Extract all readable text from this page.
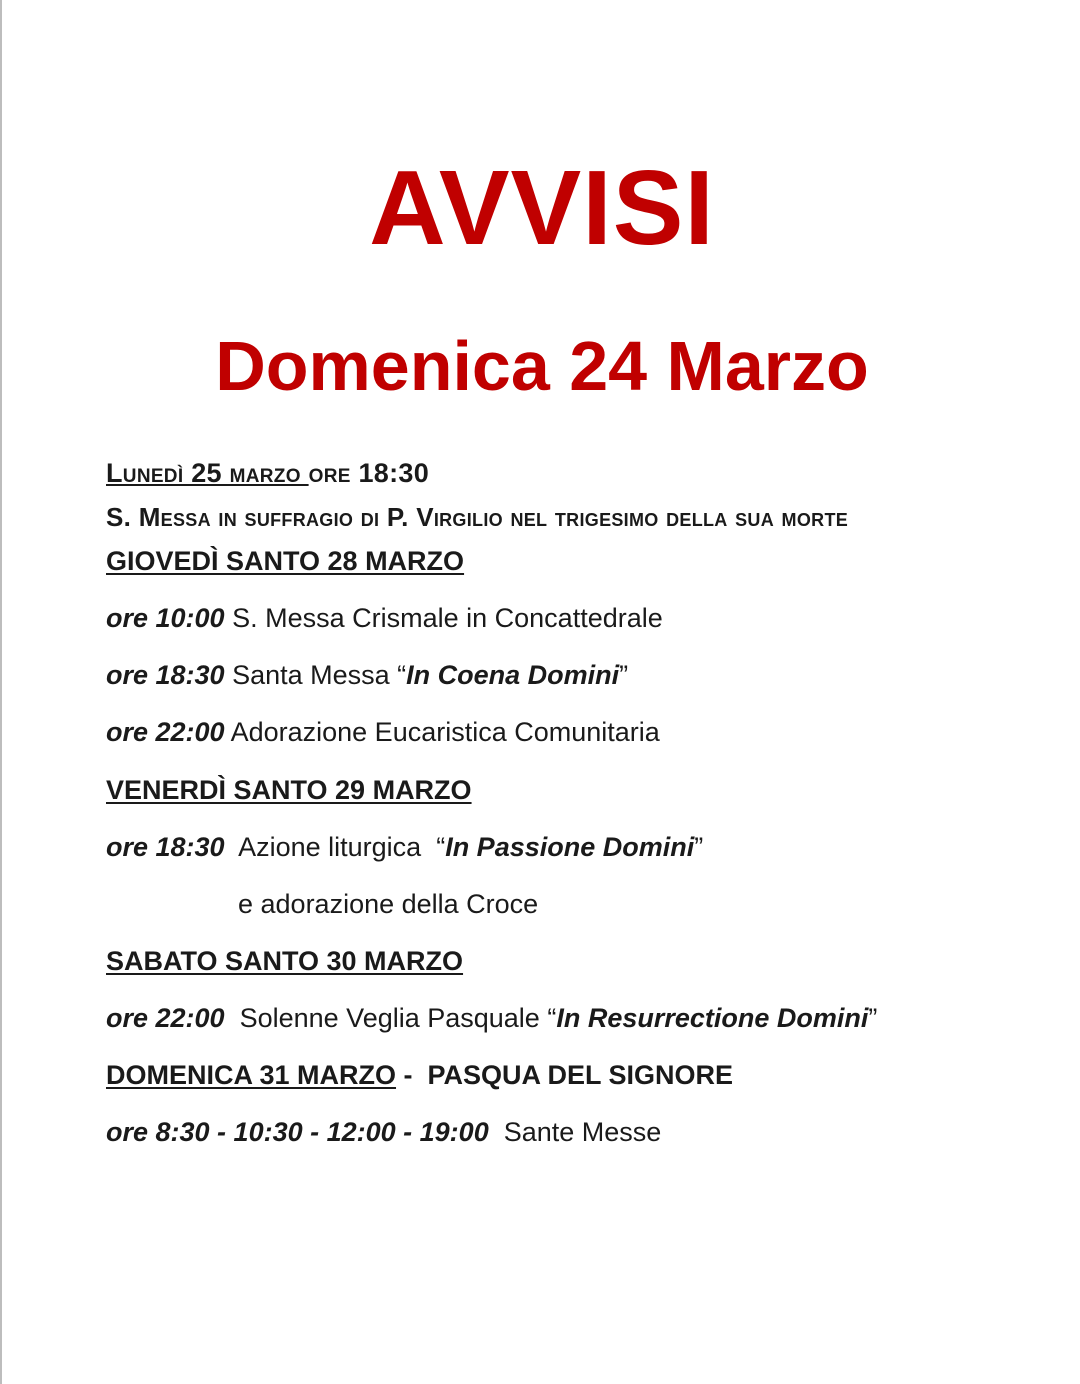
AVVISI
Domenica 24 Marzo
Lunedì 25 marzo ore 18:30
S. Messa in suffragio di P. Virgilio nel trigesimo della sua morte
GIOVEDÌ SANTO 28 MARZO
ore 10:00 S. Messa Crismale in Concattedrale
ore 18:30 Santa Messa “In Coena Domini”
ore 22:00 Adorazione Eucaristica Comunitaria
VENERDÌ SANTO 29 MARZO
ore 18:30  Azione liturgica  “In Passione Domini”
e adorazione della Croce
SABATO SANTO 30 MARZO
ore 22:00  Solenne Veglia Pasquale “In Resurrectione Domini”
DOMENICA 31 MARZO -  PASQUA DEL SIGNORE
ore 8:30 - 10:30 - 12:00 - 19:00  Sante Messe
